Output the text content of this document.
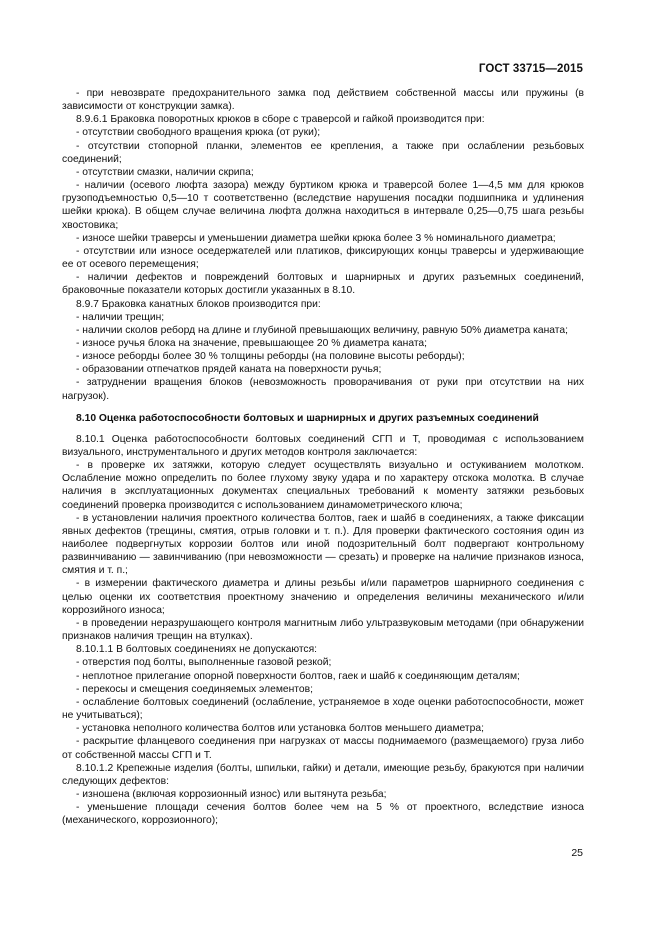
ГОСТ 33715—2015

- при невозврате предохранительного замка под действием собственной массы или пружины (в зависимости от конструкции замка).

8.9.6.1 Браковка поворотных крюков в сборе с траверсой и гайкой производится при:

- отсутствии свободного вращения крюка (от руки);

- отсутствии стопорной планки, элементов ее крепления, а также при ослаблении резьбовых соединений;

- отсутствии смазки, наличии скрипа;

- наличии (осевого люфта зазора) между буртиком крюка и траверсой более 1—4,5 мм для крюков грузоподъемностью 0,5—10 т соответственно (вследствие нарушения посадки подшипника и удлинения шейки крюка). В общем случае величина люфта должна находиться в интервале 0,25—0,75 шага резьбы хвостовика;

- износе шейки траверсы и уменьшении диаметра шейки крюка более 3 % номинального диаметра;

- отсутствии или износе оседержателей или платиков, фиксирующих концы траверсы и удерживающие ее от осевого перемещения;

- наличии дефектов и повреждений болтовых и шарнирных и других разъемных соединений, браковочные показатели которых достигли указанных в 8.10.

8.9.7 Браковка канатных блоков производится при:

- наличии трещин;

- наличии сколов реборд на длине и глубиной превышающих величину, равную 50% диаметра каната;

- износе ручья блока на значение, превышающее 20 % диаметра каната;

- износе реборды более 30 % толщины реборды (на половине высоты реборды);

- образовании отпечатков прядей каната на поверхности ручья;

- затруднении вращения блоков (невозможность проворачивания от руки при отсутствии на них нагрузок).

8.10 Оценка работоспособности болтовых и шарнирных и других разъемных соединений

8.10.1 Оценка работоспособности болтовых соединений СГП и Т, проводимая с использованием визуального, инструментального и других методов контроля заключается:

- в проверке их затяжки, которую следует осуществлять визуально и остукиванием молотком. Ослабление можно определить по более глухому звуку удара и по характеру отскока молотка. В случае наличия в эксплуатационных документах специальных требований к моменту затяжки резьбовых соединений проверка производится с использованием динамометрического ключа;

- в установлении наличия проектного количества болтов, гаек и шайб в соединениях, а также фиксации явных дефектов (трещины, смятия, отрыв головки и т. п.). Для проверки фактического состояния один из наиболее подвергнутых коррозии болтов или иной подозрительный болт подвергают контрольному развинчиванию — завинчиванию (при невозможности — срезать) и проверке на наличие признаков износа, смятия и т. п.;

- в измерении фактического диаметра и длины резьбы и/или параметров шарнирного соединения с целью оценки их соответствия проектному значению и определения величины механического и/или коррозийного износа;

- в проведении неразрушающего контроля магнитным либо ультразвуковым методами (при обнаружении признаков наличия трещин на втулках).

8.10.1.1 В болтовых соединениях не допускаются:

- отверстия под болты, выполненные газовой резкой;

- неплотное прилегание опорной поверхности болтов, гаек и шайб к соединяющим деталям;

- перекосы и смещения соединяемых элементов;

- ослабление болтовых соединений (ослабление, устраняемое в ходе оценки работоспособности, может не учитываться);

- установка неполного количества болтов или установка болтов меньшего диаметра;

- раскрытие фланцевого соединения при нагрузках от массы поднимаемого (размещаемого) груза либо от собственной массы СГП и Т.

8.10.1.2 Крепежные изделия (болты, шпильки, гайки) и детали, имеющие резьбу, бракуются при наличии следующих дефектов:

- изношена (включая коррозионный износ) или вытянута резьба;

- уменьшение площади сечения болтов более чем на 5 % от проектного, вследствие износа (механического, коррозионного);

25
